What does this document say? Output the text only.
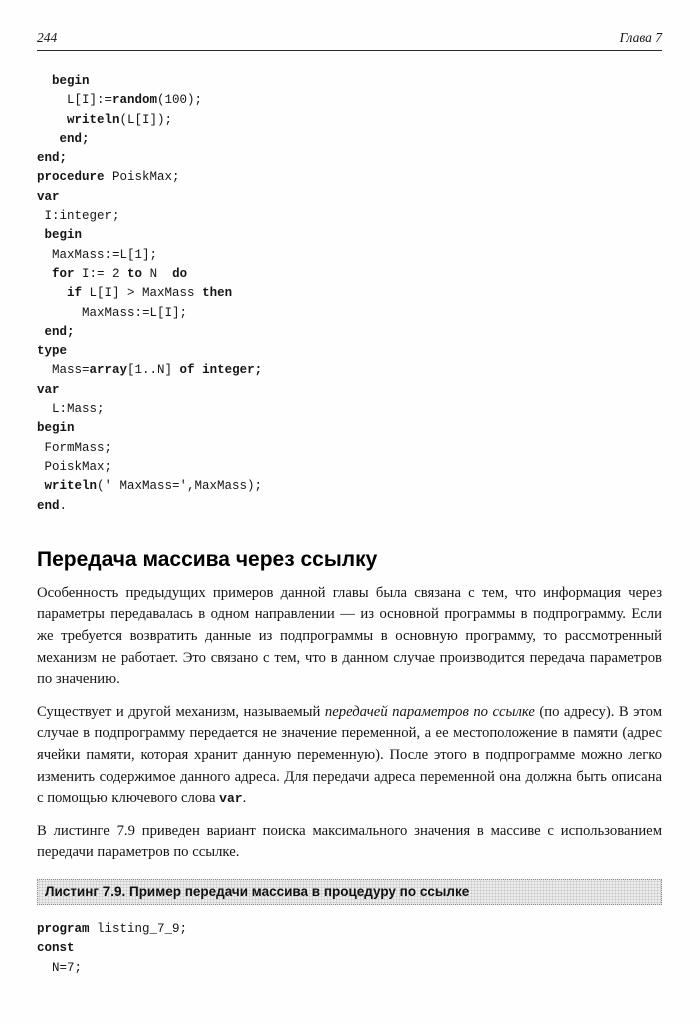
244	Глава 7
begin
L[I]:=random(100);
writeln(L[I]);
end;
end;
procedure PoiskMax;
var
I:integer;
begin
MaxMass:=L[1];
for I:= 2 to N  do
if L[I] > MaxMass then
MaxMass:=L[I];
end;
type
Mass=array[1..N] of integer;
var
L:Mass;
begin
FormMass;
PoiskMax;
writeln(' MaxMass=',MaxMass);
end.
Передача массива через ссылку

Особенность предыдущих примеров данной главы была связана с тем, что информация через параметры передавалась в одном направлении — из основной программы в подпрограмму. Если же требуется возвратить данные из подпрограммы в основную программу, то рассмотренный механизм не работает. Это связано с тем, что в данном случае производится передача параметров по значению.

Существует и другой механизм, называемый передачей параметров по ссылке (по адресу). В этом случае в подпрограмму передается не значение переменной, а ее местоположение в памяти (адрес ячейки памяти, которая хранит данную переменную). После этого в подпрограмме можно легко изменить содержимое данного адреса. Для передачи адреса переменной она должна быть описана с помощью ключевого слова var.

В листинге 7.9 приведен вариант поиска максимального значения в массиве с использованием передачи параметров по ссылке.

Листинг 7.9. Пример передачи массива в процедуру по ссылке
program listing_7_9;
const
N=7;
